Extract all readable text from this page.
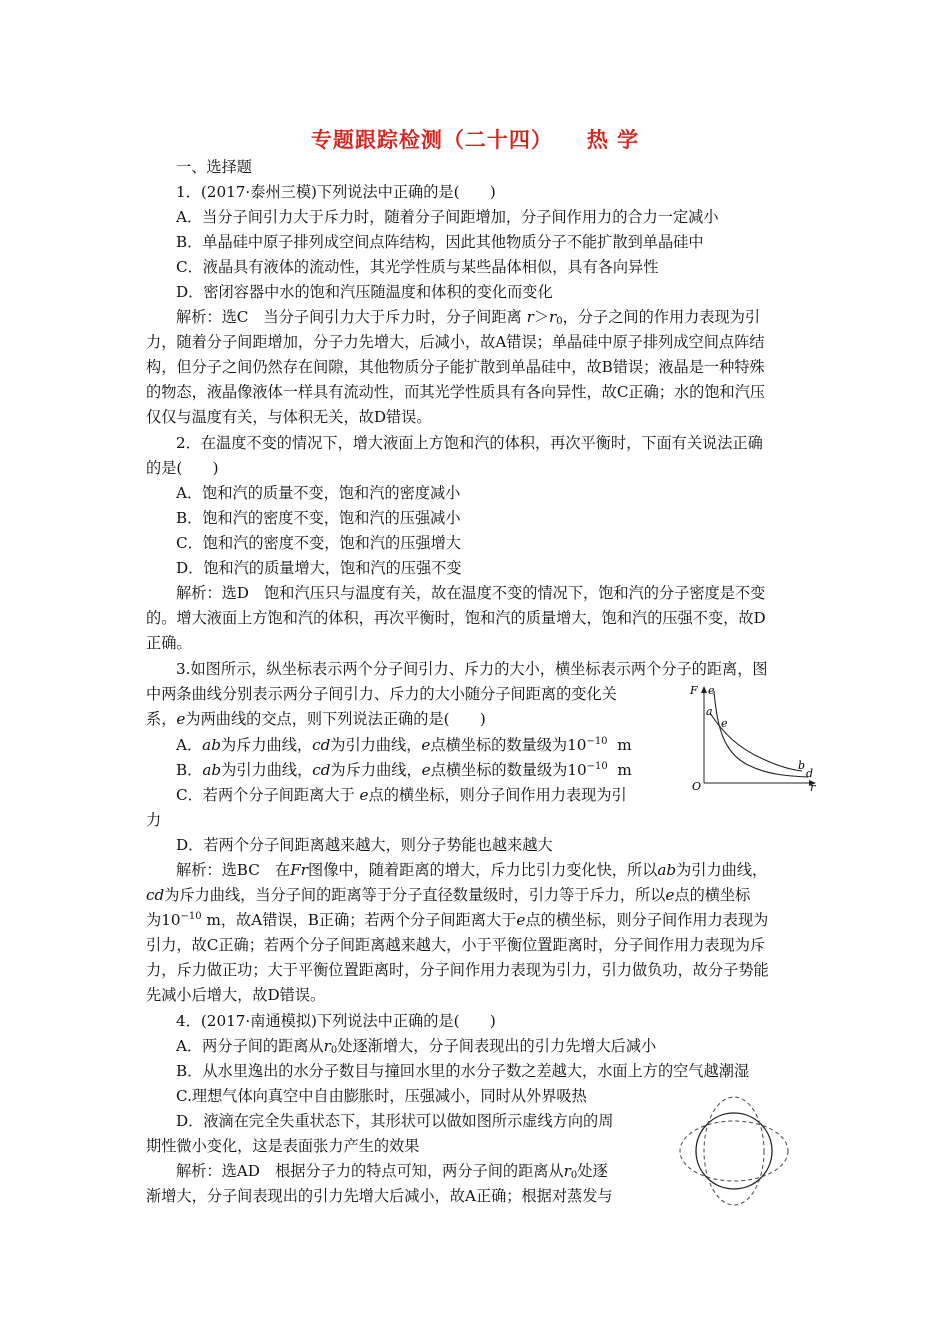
专题跟踪检测（二十四） 热 学
一、选择题
1．(2017·泰州三模)下列说法中正确的是(　　)
A．当分子间引力大于斥力时，随着分子间距增加，分子间作用力的合力一定减小
B．单晶硅中原子排列成空间点阵结构，因此其他物质分子不能扩散到单晶硅中
C．液晶具有液体的流动性，其光学性质与某些晶体相似，具有各向异性
D．密闭容器中水的饱和汽压随温度和体积的变化而变化
解析：选C　当分子间引力大于斥力时，分子间距离 $r>r_0$，分子之间的作用力表现为引
力，随着分子间距增加，分子力先增大，后减小，故A错误；单晶硅中原子排列成空间点阵结
构，但分子之间仍然存在间隙，其他物质分子能扩散到单晶硅中，故B错误；液晶是一种特殊
的物态，液晶像液体一样具有流动性，而其光学性质具有各向异性，故C正确；水的饱和汽压
仅仅与温度有关，与体积无关，故D错误。
2．在温度不变的情况下，增大液面上方饱和汽的体积，再次平衡时，下面有关说法正确
的是(　　)
A．饱和汽的质量不变，饱和汽的密度减小
B．饱和汽的密度不变，饱和汽的压强减小
C．饱和汽的密度不变，饱和汽的压强增大
D．饱和汽的质量增大，饱和汽的压强不变
解析：选D　饱和汽压只与温度有关，故在温度不变的情况下，饱和汽的分子密度是不变
的。增大液面上方饱和汽的体积，再次平衡时，饱和汽的质量增大，饱和汽的压强不变，故D
正确。
3.如图所示，纵坐标表示两个分子间引力、斥力的大小，横坐标表示两个分子的距离，图
中两条曲线分别表示两分子间引力、斥力的大小随分子间距离的变化关
系，e为两曲线的交点，则下列说法正确的是(　　)
A．ab为斥力曲线，cd为引力曲线，e点横坐标的数量级为$10^{-10}$ m
B．ab为引力曲线，cd为斥力曲线，e点横坐标的数量级为$10^{-10}$ m
C．若两个分子间距离大于 e点的横坐标，则分子间作用力表现为引
力
D．若两个分子间距离越来越大，则分子势能也越来越大
解析：选BC　在Fr图像中，随着距离的增大，斥力比引力变化快，所以ab为引力曲线，
cd为斥力曲线，当分子间的距离等于分子直径数量级时，引力等于斥力，所以e点的横坐标
为$10^{-10}$ m，故A错误，B正确；若两个分子间距离大于e点的横坐标，则分子间作用力表现为
引力，故C正确；若两个分子间距离越来越大，小于平衡位置距离时，分子间作用力表现为斥
力，斥力做正功；大于平衡位置距离时，分子间作用力表现为引力，引力做负功，故分子势能
先减小后增大，故D错误。
F e
a
e
b
d
O	r
4．(2017·南通模拟)下列说法中正确的是(　　)
A．两分子间的距离从$r_0$处逐渐增大，分子间表现出的引力先增大后减小
B．从水里逸出的水分子数目与撞回水里的水分子数之差越大，水面上方的空气越潮湿
C.理想气体向真空中自由膨胀时，压强减小，同时从外界吸热
D．液滴在完全失重状态下，其形状可以做如图所示虚线方向的周
期性微小变化，这是表面张力产生的效果
解析：选AD　根据分子力的特点可知，两分子间的距离从$r_0$处逐
渐增大，分子间表现出的引力先增大后减小，故A正确；根据对蒸发与
